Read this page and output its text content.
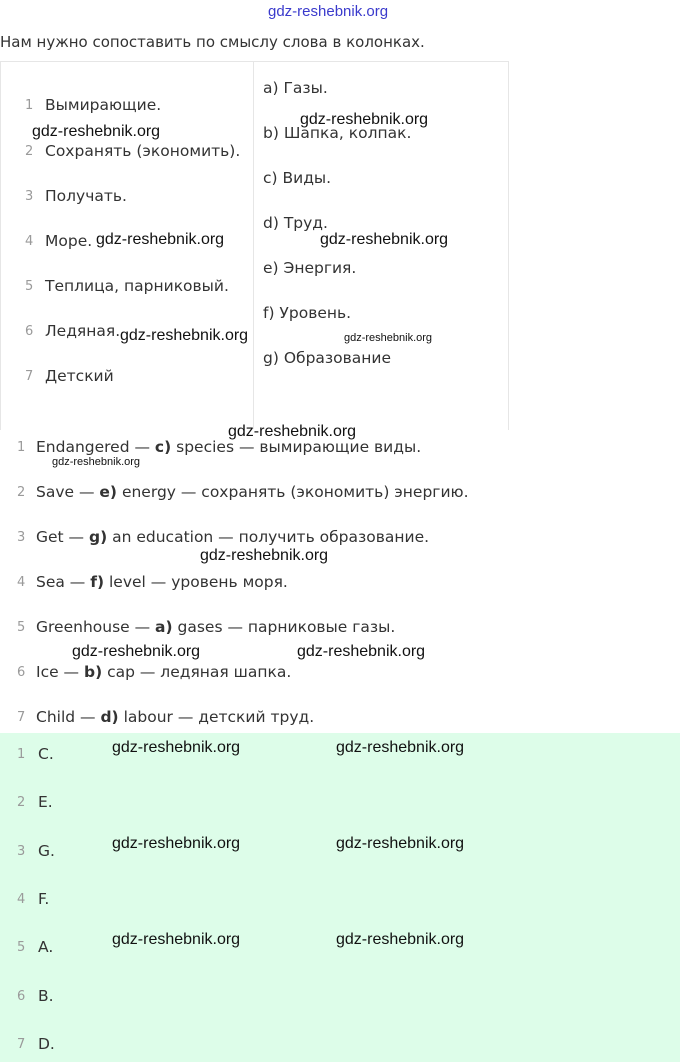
gdz-reshebnik.org
Нам нужно сопоставить по смыслу слова в колонках.
1 Вымирающие.
2 Сохранять (экономить).
3 Получать.
4 Море.
5 Теплица, парниковый.
6 Ледяная.
7 Детский
a) Газы.
b) Шапка, колпак.
c) Виды.
d) Труд.
e) Энергия.
f) Уровень.
g) Образование
1 Endangered — c) species — вымирающие виды.
2 Save — e) energy — сохранять (экономить) энергию.
3 Get — g) an education — получить образование.
4 Sea — f) level — уровень моря.
5 Greenhouse — a) gases — парниковые газы.
6 Ice — b) cap — ледяная шапка.
7 Child — d) labour — детский труд.
1 C.
2 E.
3 G.
4 F.
5 A.
6 B.
7 D.
gdz-reshebnik.org
gdz-reshebnik.org
gdz-reshebnik.org	gdz-reshebnik.org
gdz-reshebnik.org	gdz-reshebnik.org
gdz-reshebnik.org
gdz-reshebnik.org
gdz-reshebnik.org
gdz-reshebnik.org	gdz-reshebnik.org
gdz-reshebnik.org	gdz-reshebnik.org
gdz-reshebnik.org	gdz-reshebnik.org
gdz-reshebnik.org	gdz-reshebnik.org
